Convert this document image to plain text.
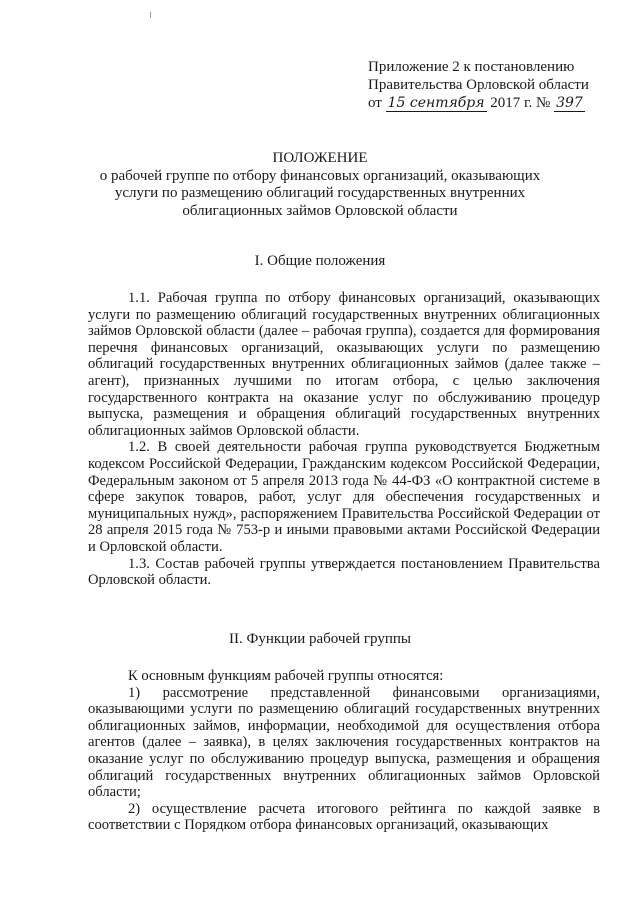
Приложение 2 к постановлению
Правительства Орловской области
от 15 сентября 2017 г. № 397
ПОЛОЖЕНИЕ
о рабочей группе по отбору финансовых организаций, оказывающих
услуги по размещению облигаций государственных внутренних
облигационных займов Орловской области
I. Общие положения

1.1. Рабочая группа по отбору финансовых организаций, оказывающих услуги по размещению облигаций государственных внутренних облигационных займов Орловской области (далее – рабочая группа), создается для формирования перечня финансовых организаций, оказывающих услуги по размещению облигаций государственных внутренних облигационных займов (далее также – агент), признанных лучшими по итогам отбора, с целью заключения государственного контракта на оказание услуг по обслуживанию процедур выпуска, размещения и обращения облигаций государственных внутренних облигационных займов Орловской области.

1.2. В своей деятельности рабочая группа руководствуется Бюджетным кодексом Российской Федерации, Гражданским кодексом Российской Федерации, Федеральным законом от 5 апреля 2013 года № 44-ФЗ «О контрактной системе в сфере закупок товаров, работ, услуг для обеспечения государственных и муниципальных нужд», распоряжением Правительства Российской Федерации от 28 апреля 2015 года № 753-р и иными правовыми актами Российской Федерации и Орловской области.

1.3. Состав рабочей группы утверждается постановлением Правительства Орловской области.

II. Функции рабочей группы

К основным функциям рабочей группы относятся:

1) рассмотрение представленной финансовыми организациями, оказывающими услуги по размещению облигаций государственных внутренних облигационных займов, информации, необходимой для осуществления отбора агентов (далее – заявка), в целях заключения государственных контрактов на оказание услуг по обслуживанию процедур выпуска, размещения и обращения облигаций государственных внутренних облигационных займов Орловской области;

2) осуществление расчета итогового рейтинга по каждой заявке в соответствии с Порядком отбора финансовых организаций, оказывающих
